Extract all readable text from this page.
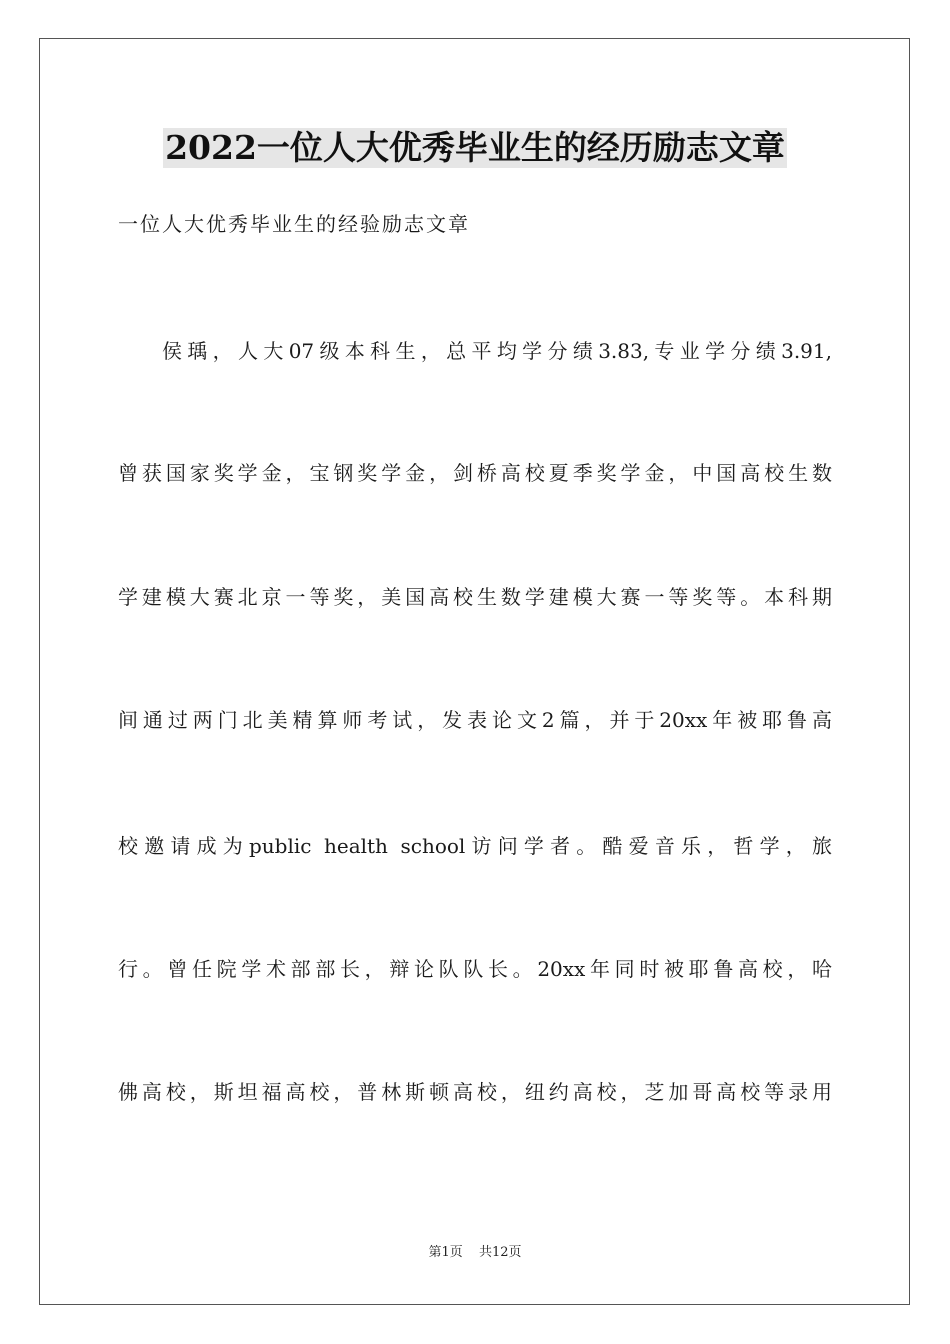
2022一位人大优秀毕业生的经历励志文章
一位人大优秀毕业生的经验励志文章
侯瑀，人大07级本科生，总平均学分绩3.83,专业学分绩3.91,
曾获国家奖学金，宝钢奖学金，剑桥高校夏季奖学金，中国高校生数
学建模大赛北京一等奖，美国高校生数学建模大赛一等奖等。本科期
间通过两门北美精算师考试，发表论文2篇，并于20xx年被耶鲁高
校邀请成为public health school访问学者。酷爱音乐，哲学，旅
行。曾任院学术部部长，辩论队队长。20xx年同时被耶鲁高校，哈
佛高校，斯坦福高校，普林斯顿高校，纽约高校，芝加哥高校等录用
第1页 共12页
